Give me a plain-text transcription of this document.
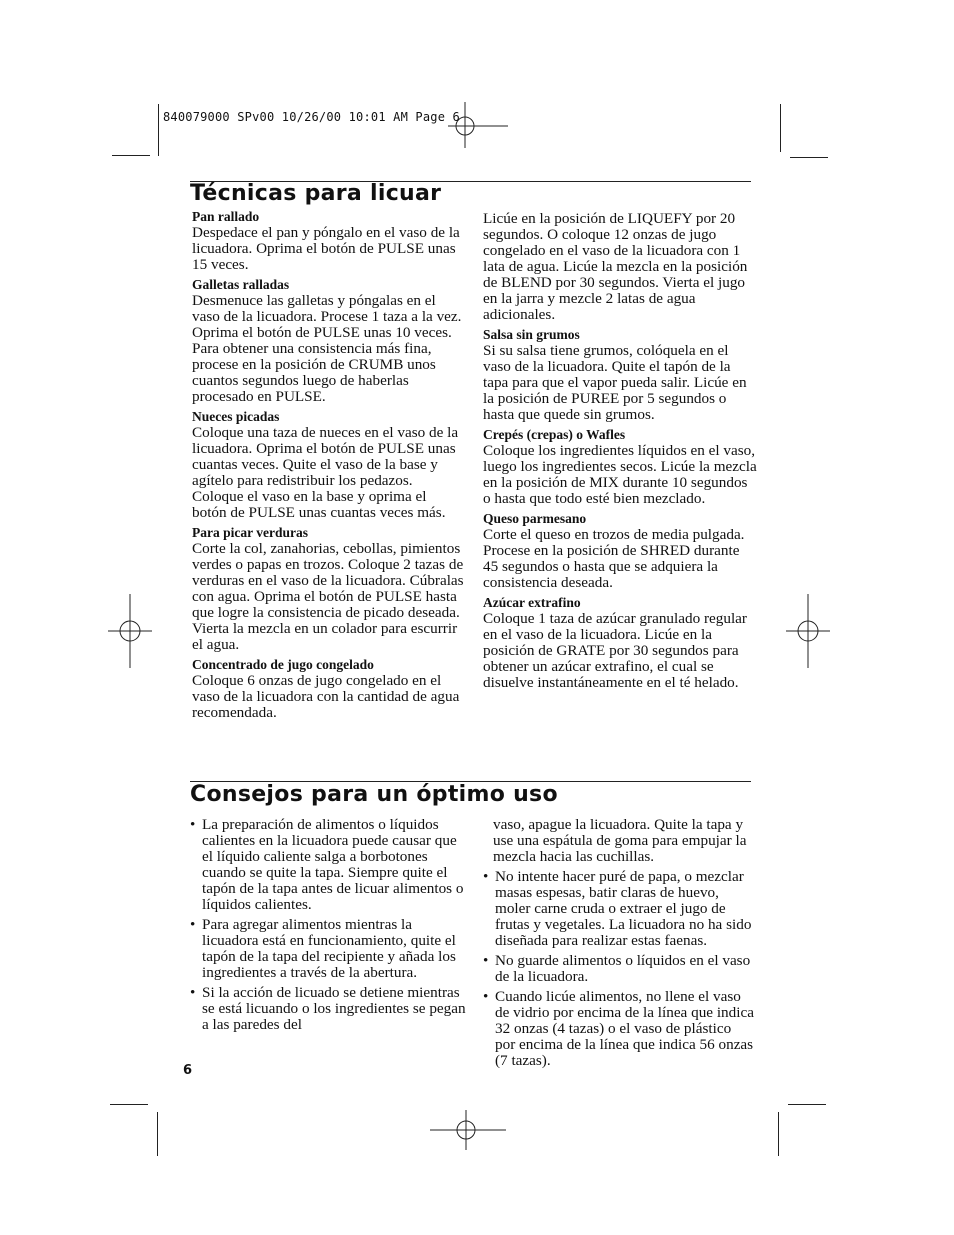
840079000 SPv00 10/26/00 10:01 AM Page 6
Técnicas para licuar
Pan rallado
Despedace el pan y póngalo en el vaso de la licuadora. Oprima el botón de PULSE unas 15 veces.
Galletas ralladas
Desmenuce las galletas y póngalas en el vaso de la licuadora. Procese 1 taza a la vez. Oprima el botón de PULSE unas 10 veces. Para obtener una consistencia más fina, procese en la posición de CRUMB unos cuantos segundos luego de haberlas procesado en PULSE.
Nueces picadas
Coloque una taza de nueces en el vaso de la licuadora. Oprima el botón de PULSE unas cuantas veces. Quite el vaso de la base y agítelo para redistribuir los pedazos. Coloque el vaso en la base y oprima el botón de PULSE unas cuantas veces más.
Para picar verduras
Corte la col, zanahorias, cebollas, pimientos verdes o papas en trozos. Coloque 2 tazas de verduras en el vaso de la licuadora. Cúbralas con agua. Oprima el botón de PULSE hasta que logre la consistencia de picado deseada. Vierta la mezcla en un colador para escurrir el agua.
Concentrado de jugo congelado
Coloque 6 onzas de jugo congelado en el vaso de la licuadora con la cantidad de agua recomendada.
Licúe en la posición de LIQUEFY por 20 segundos. O coloque 12 onzas de jugo congelado en el vaso de la licuadora con 1 lata de agua. Licúe la mezcla en la posición de BLEND por 30 segundos. Vierta el jugo en la jarra y mezcle 2 latas de agua adicionales.
Salsa sin grumos
Si su salsa tiene grumos, colóquela en el vaso de la licuadora. Quite el tapón de la tapa para que el vapor pueda salir. Licúe en la posición de PUREE por 5 segundos o hasta que quede sin grumos.
Crepés (crepas) o Wafles
Coloque los ingredientes líquidos en el vaso, luego los ingredientes secos. Licúe la mezcla en la posición de MIX durante 10 segundos o hasta que todo esté bien mezclado.
Queso parmesano
Corte el queso en trozos de media pulgada. Procese en la posición de SHRED durante 45 segundos o hasta que se adquiera la consistencia deseada.
Azúcar extrafino
Coloque 1 taza de azúcar granulado regular en el vaso de la licuadora. Licúe en la posición de GRATE por 30 segundos para obtener un azúcar extrafino, el cual se disuelve instantáneamente en el té helado.
Consejos para un óptimo uso
• La preparación de alimentos o líquidos calientes en la licuadora puede causar que el líquido caliente salga a borbotones cuando se quite la tapa. Siempre quite el tapón de la tapa antes de licuar alimentos o líquidos calientes.
• Para agregar alimentos mientras la licuadora está en funcionamiento, quite el tapón de la tapa del recipiente y añada los ingredientes a través de la abertura.
• Si la acción de licuado se detiene mientras se está licuando o los ingredientes se pegan a las paredes del
vaso, apague la licuadora. Quite la tapa y use una espátula de goma para empujar la mezcla hacia las cuchillas.
• No intente hacer puré de papa, o mezclar masas espesas, batir claras de huevo, moler carne cruda o extraer el jugo de frutas y vegetales. La licuadora no ha sido diseñada para realizar estas faenas.
• No guarde alimentos o líquidos en el vaso de la licuadora.
• Cuando licúe alimentos, no llene el vaso de vidrio por encima de la línea que indica 32 onzas (4 tazas) o el vaso de plástico por encima de la línea que indica 56 onzas (7 tazas).
6
